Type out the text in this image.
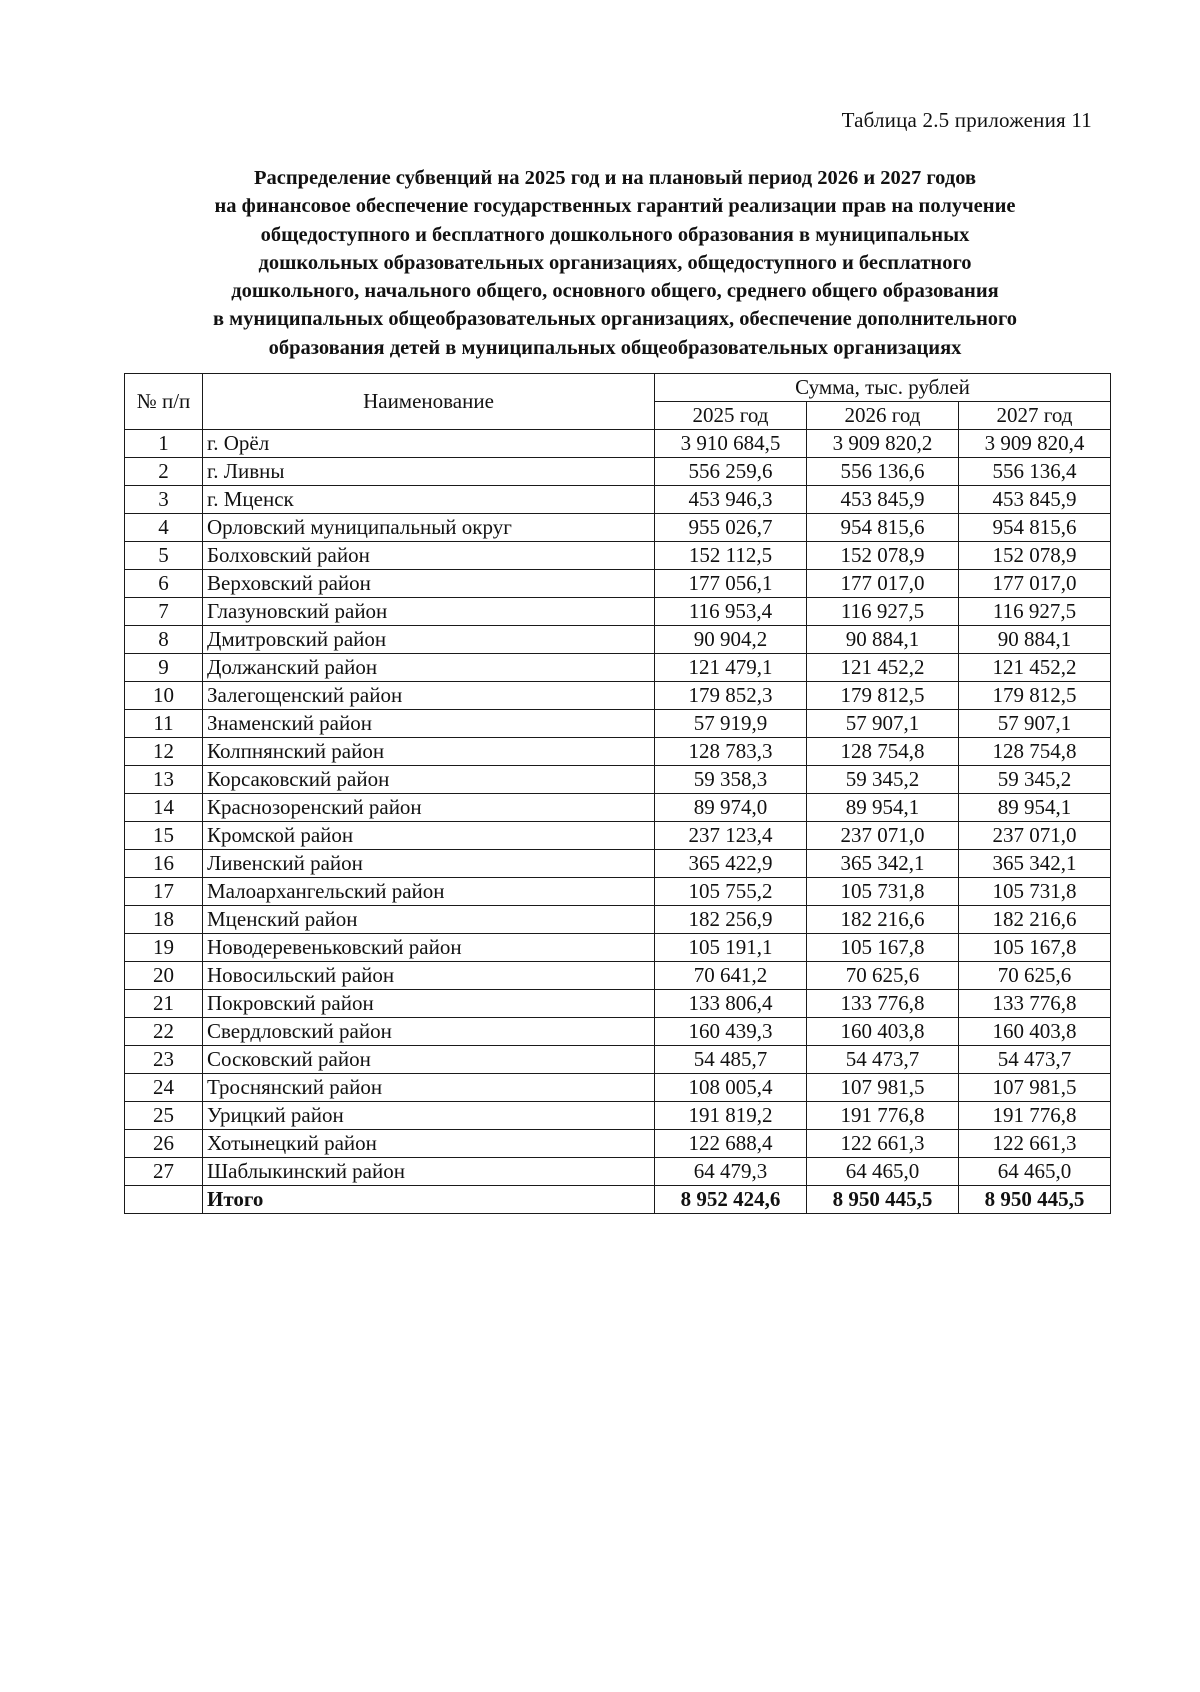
Таблица 2.5 приложения 11
Распределение субвенций на 2025 год и на плановый период 2026 и 2027 годов
на финансовое обеспечение государственных гарантий реализации прав на получение
общедоступного и бесплатного дошкольного образования в муниципальных
дошкольных образовательных организациях, общедоступного и бесплатного
дошкольного, начального общего, основного общего, среднего общего образования
в муниципальных общеобразовательных организациях, обеспечение дополнительного
образования детей в муниципальных общеобразовательных организациях
№ п/п	Наименование	Сумма, тыс. рублей		
		2025 год	2026 год	2027 год
1	г. Орёл	3 910 684,5	3 909 820,2	3 909 820,4
2	г. Ливны	556 259,6	556 136,6	556 136,4
3	г. Мценск	453 946,3	453 845,9	453 845,9
4	Орловский муниципальный округ	955 026,7	954 815,6	954 815,6
5	Болховский район	152 112,5	152 078,9	152 078,9
6	Верховский район	177 056,1	177 017,0	177 017,0
7	Глазуновский район	116 953,4	116 927,5	116 927,5
8	Дмитровский район	90 904,2	90 884,1	90 884,1
9	Должанский район	121 479,1	121 452,2	121 452,2
10	Залегощенский район	179 852,3	179 812,5	179 812,5
11	Знаменский район	57 919,9	57 907,1	57 907,1
12	Колпнянский район	128 783,3	128 754,8	128 754,8
13	Корсаковский район	59 358,3	59 345,2	59 345,2
14	Краснозоренский район	89 974,0	89 954,1	89 954,1
15	Кромской район	237 123,4	237 071,0	237 071,0
16	Ливенский район	365 422,9	365 342,1	365 342,1
17	Малоархангельский район	105 755,2	105 731,8	105 731,8
18	Мценский район	182 256,9	182 216,6	182 216,6
19	Новодеревеньковский район	105 191,1	105 167,8	105 167,8
20	Новосильский район	70 641,2	70 625,6	70 625,6
21	Покровский район	133 806,4	133 776,8	133 776,8
22	Свердловский район	160 439,3	160 403,8	160 403,8
23	Сосковский район	54 485,7	54 473,7	54 473,7
24	Троснянский район	108 005,4	107 981,5	107 981,5
25	Урицкий район	191 819,2	191 776,8	191 776,8
26	Хотынецкий район	122 688,4	122 661,3	122 661,3
27	Шаблыкинский район	64 479,3	64 465,0	64 465,0
	Итого	8 952 424,6	8 950 445,5	8 950 445,5
